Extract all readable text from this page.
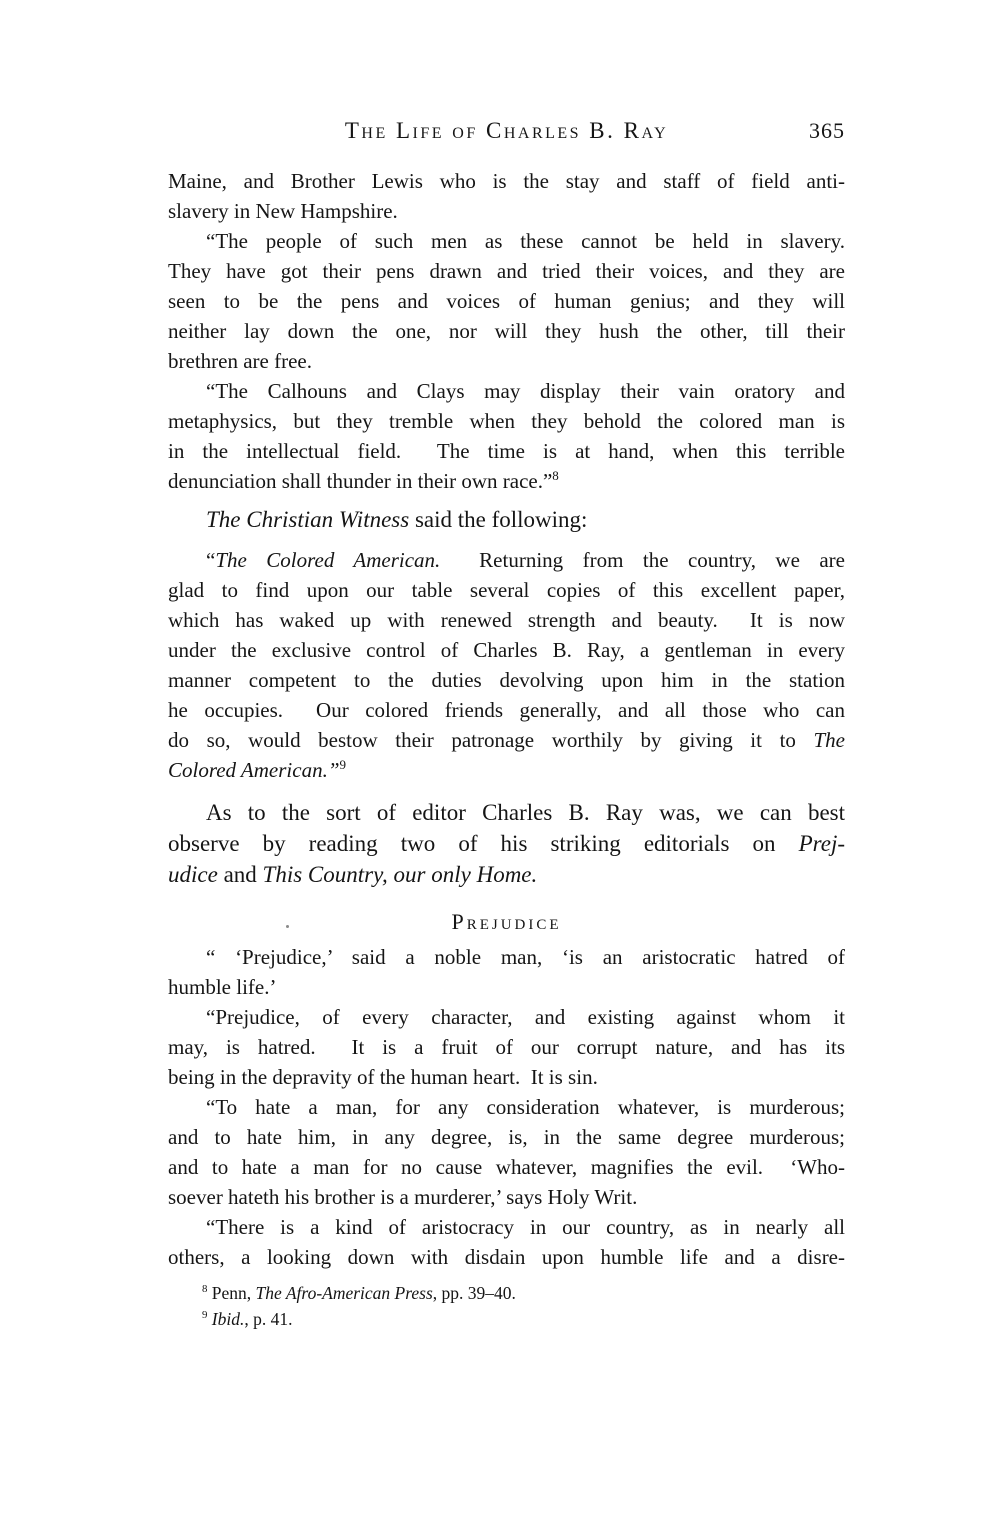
The Life of Charles B. Ray	365
Maine, and Brother Lewis who is the stay and staff of field anti-
slavery in New Hampshire.
“The people of such men as these cannot be held in slavery.
They have got their pens drawn and tried their voices, and they are
seen to be the pens and voices of human genius; and they will
neither lay down the one, nor will they hush the other, till their
brethren are free.
“The Calhouns and Clays may display their vain oratory and
metaphysics, but they tremble when they behold the colored man is
in the intellectual field.  The time is at hand, when this terrible
denunciation shall thunder in their own race.”$^8$
The Christian Witness said the following:
“The Colored American.  Returning from the country, we are
glad to find upon our table several copies of this excellent paper,
which has waked up with renewed strength and beauty.  It is now
under the exclusive control of Charles B. Ray, a gentleman in every
manner competent to the duties devolving upon him in the station
he occupies.  Our colored friends generally, and all those who can
do so, would bestow their patronage worthily by giving it to The
Colored American.”$^9$
As to the sort of editor Charles B. Ray was, we can best
observe by reading two of his striking editorials on Prej-
udice and This Country, our only Home.
Prejudice
“ ‘Prejudice,’ said a noble man, ‘is an aristocratic hatred of
humble life.’
“Prejudice, of every character, and existing against whom it
may, is hatred.  It is a fruit of our corrupt nature, and has its
being in the depravity of the human heart.  It is sin.
“To hate a man, for any consideration whatever, is murderous;
and to hate him, in any degree, is, in the same degree murderous;
and to hate a man for no cause whatever, magnifies the evil.  ‘Who-
soever hateth his brother is a murderer,’ says Holy Writ.
“There is a kind of aristocracy in our country, as in nearly all
others, a looking down with disdain upon humble life and a disre-
$^8$ Penn, The Afro-American Press, pp. 39–40.
$^9$ Ibid., p. 41.
